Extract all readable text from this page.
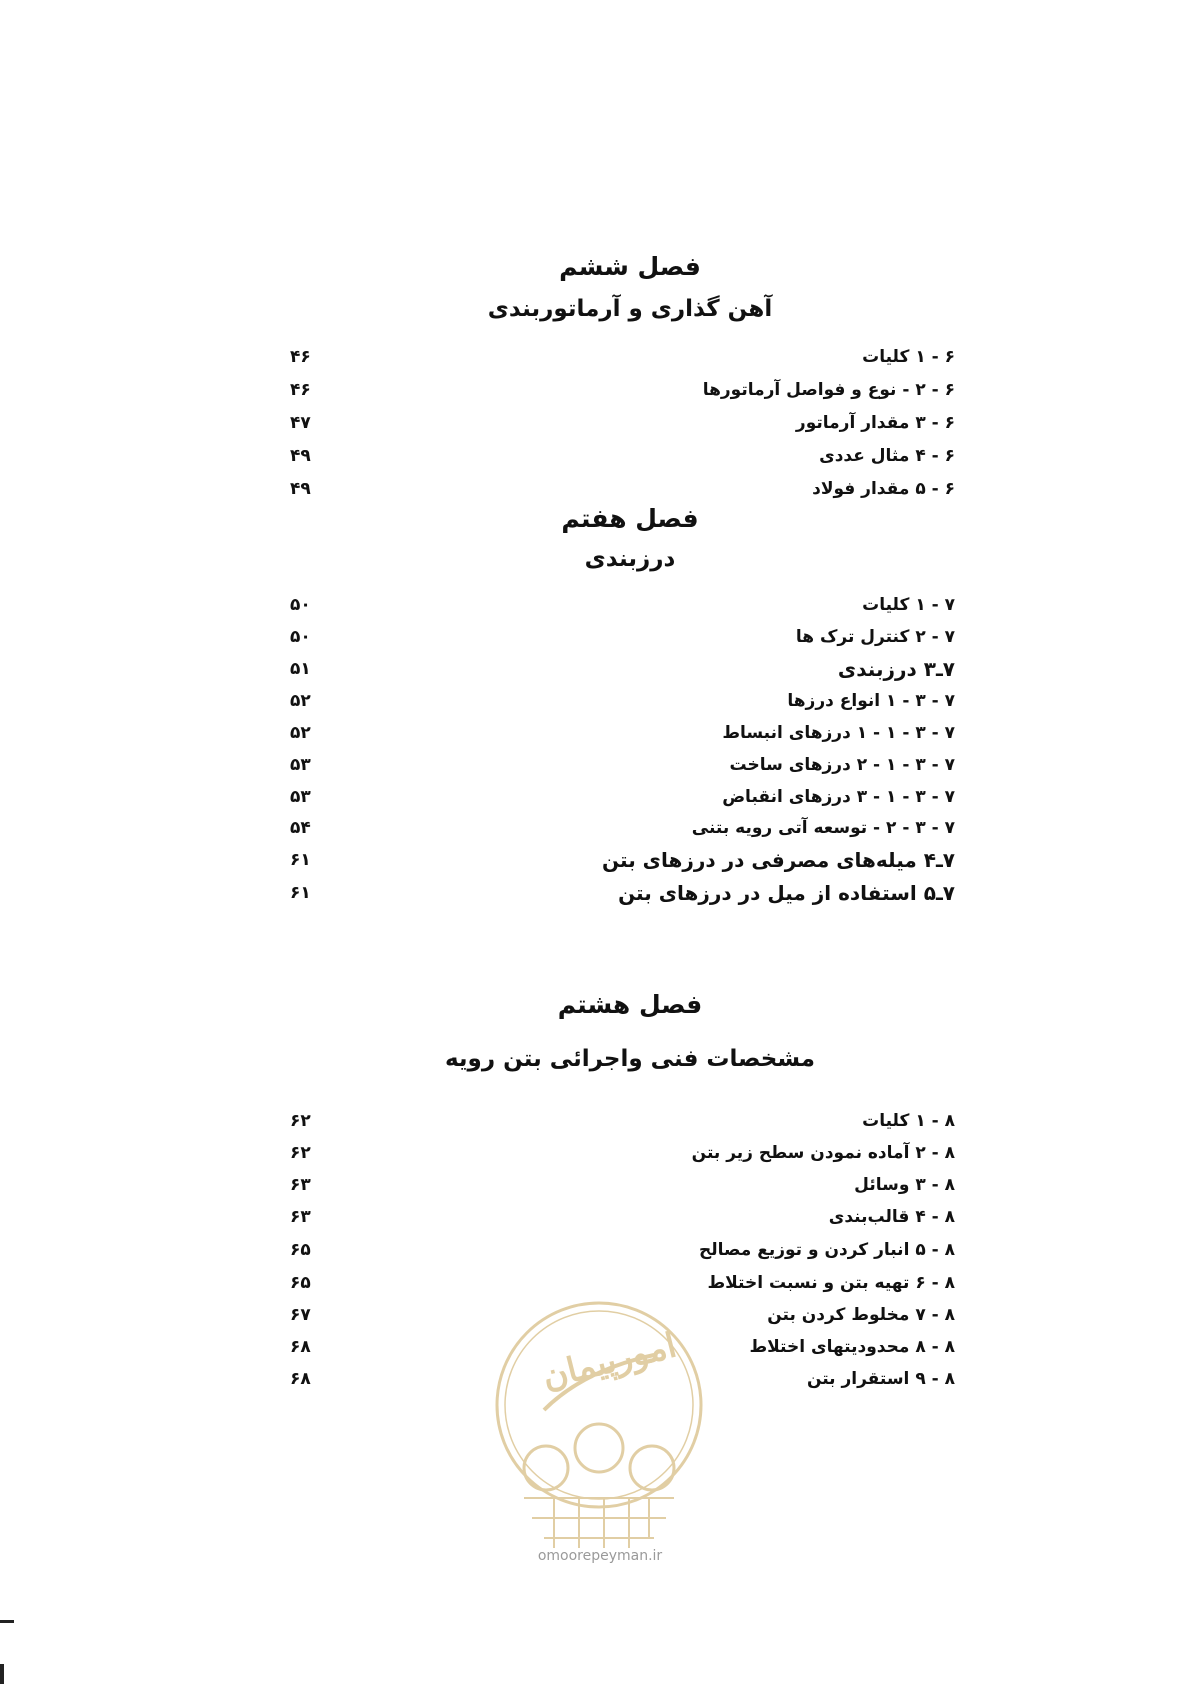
فصل ششم
آهن گذاری و آرماتوربندی
۶ - ۱ کلیات
۴۶
۶ - ۲ - نوع و فواصل آرماتورها
۴۶
۶ - ۳ مقدار آرماتور
۴۷
۶ - ۴ مثال عددی
۴۹
۶ - ۵ مقدار فولاد
۴۹
فصل هفتم
درزبندی
۷ - ۱ کلیات
۵۰
۷ - ۲ کنترل ترک ها
۵۰
۷ـ۳ درزبندی
۵۱
۷ - ۳ - ۱ انواع درزها
۵۲
۷ - ۳ - ۱ - ۱ درزهای انبساط
۵۲
۷ - ۳ - ۱ - ۲ درزهای ساخت
۵۳
۷ - ۳ - ۱ - ۳ درزهای انقباض
۵۳
۷ - ۳ - ۲ - توسعه آتی رویه بتنی
۵۴
۷ـ۴ میله‌های مصرفی در درزهای بتن
۶۱
۷ـ۵ استفاده از میل در درزهای بتن
۶۱
فصل هشتم
مشخصات فنی واجرائی بتن رویه
۸ - ۱ کلیات
۶۲
۸ - ۲ آماده نمودن سطح زیر بتن
۶۲
۸ - ۳ وسائل
۶۳
۸ - ۴ قالب‌بندی
۶۳
۸ - ۵ انبار کردن و توزیع مصالح
۶۵
۸ - ۶ تهیه بتن و نسبت اختلاط
۶۵
۸ - ۷ مخلوط کردن بتن
۶۷
۸ - ۸ محدودیتهای اختلاط
۶۸
۸ - ۹ استقرار بتن
۶۸	امورپیمان
omoorepeyman.ir
